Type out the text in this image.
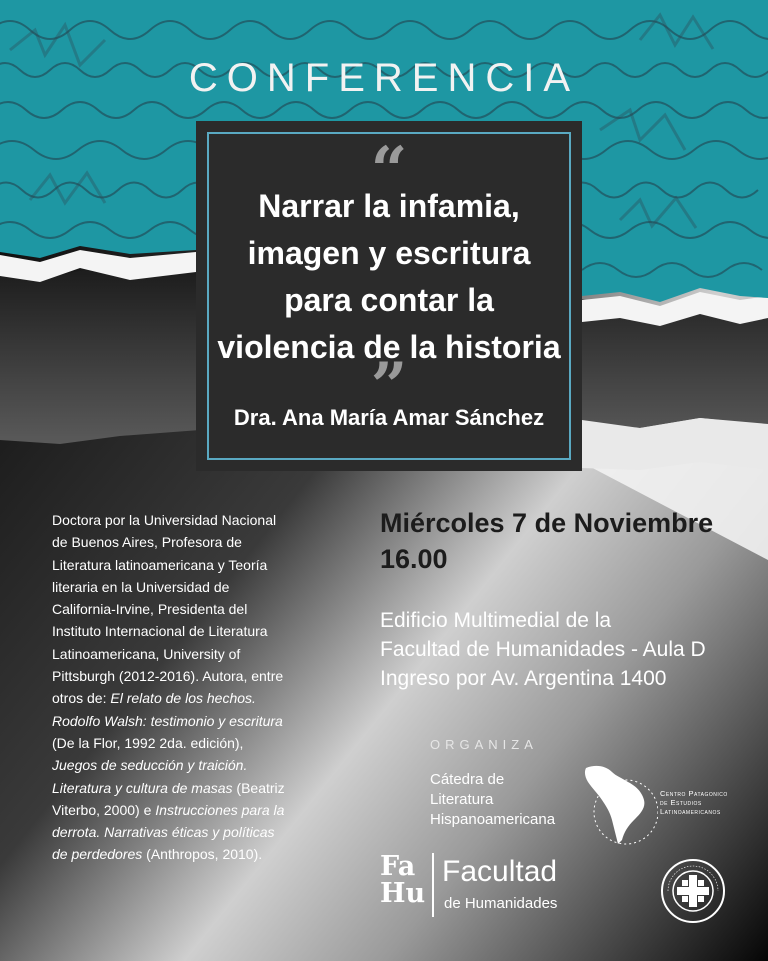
CONFERENCIA
“
Narrar la infamia,
imagen y escritura
para contar la
violencia de la historia
”
Dra. Ana María Amar Sánchez

Doctora por la Universidad Nacional de Buenos Aires, Profesora de Literatura latinoamericana y Teoría literaria en la Universidad de California-Irvine, Presidenta del Instituto Internacional de Literatura Latinoamericana, University of Pittsburgh (2012-2016). Autora, entre otros de: El relato de los hechos. Rodolfo Walsh: testimonio y escritura (De la Flor, 1992 2da. edición), Juegos de seducción y traición. Literatura y cultura de masas (Beatriz Viterbo, 2000) e Instrucciones para la derrota. Narrativas éticas y políticas de perdedores (Anthropos, 2010).

Miércoles 7 de Noviembre
16.00
Edificio Multimedial de la
Facultad de Humanidades - Aula D
Ingreso por Av. Argentina 1400
ORGANIZA
Cátedra de
Literatura
Hispanoamericana
Centro Patagonico
de Estudios
Latinoamericanos
Fa
Hu
Facultad
de Humanidades
